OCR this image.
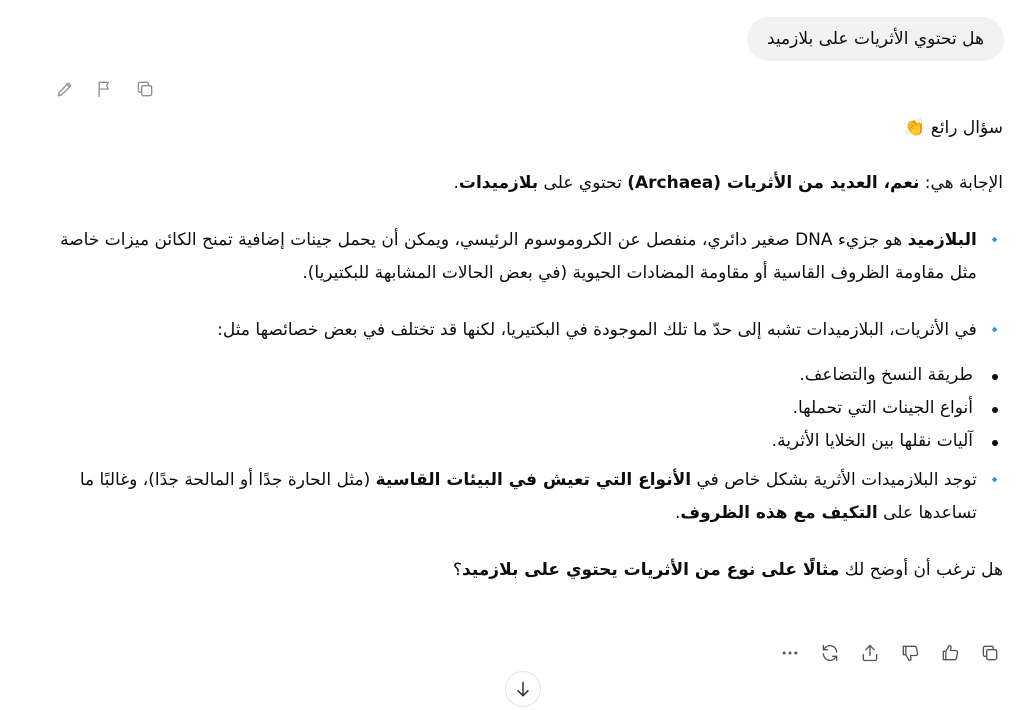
هل تحتوي الأثريات على بلازميد

سؤال رائع 👏

الإجابة هي: نعم، العديد من الأثريات (Archaea) تحتوي على بلازميدات.

🔹
البلازميد هو جزيء DNA صغير دائري، منفصل عن الكروموسوم الرئيسي، ويمكن أن يحمل جينات إضافية تمنح الكائن ميزات خاصة مثل مقاومة الظروف القاسية أو مقاومة المضادات الحيوية (في بعض الحالات المشابهة للبكتيريا).
🔹
في الأثريات، البلازميدات تشبه إلى حدّ ما تلك الموجودة في البكتيريا، لكنها قد تختلف في بعض خصائصها مثل:
طريقة النسخ والتضاعف.
أنواع الجينات التي تحملها.
آليات نقلها بين الخلايا الأثرية.
🔹
توجد البلازميدات الأثرية بشكل خاص في الأنواع التي تعيش في البيئات القاسية (مثل الحارة جدًا أو المالحة جدًا)، وغالبًا ما تساعدها على التكيف مع هذه الظروف.

هل ترغب أن أوضح لك مثالًا على نوع من الأثريات يحتوي على بلازميد؟
